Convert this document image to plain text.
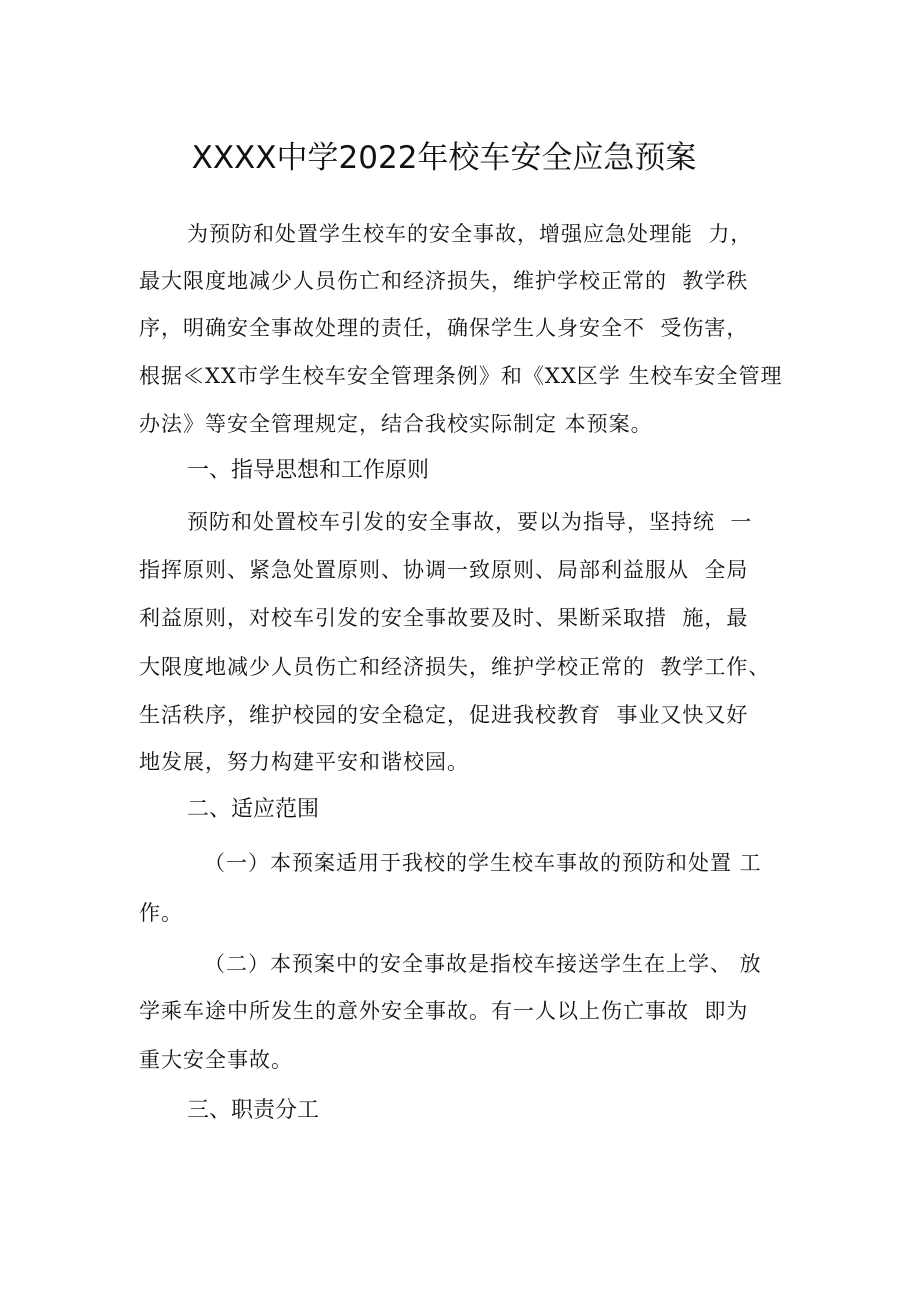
XXXX中学2022年校车安全应急预案
为预防和处置学生校车的安全事故，增强应急处理能  力，
最大限度地减少人员伤亡和经济损失，维护学校正常的  教学秩
序，明确安全事故处理的责任，确保学生人身安全不  受伤害，
根据≪XX市学生校车安全管理条例》和《XX区学 生校车安全管理
办法》等安全管理规定，结合我校实际制定 本预案。
一、指导思想和工作原则
预防和处置校车引发的安全事故，要以为指导，坚持统  一
指挥原则、紧急处置原则、协调一致原则、局部利益服从  全局
利益原则，对校车引发的安全事故要及时、果断采取措  施，最
大限度地减少人员伤亡和经济损失，维护学校正常的  教学工作、
生活秩序，维护校园的安全稳定，促进我校教育  事业又快又好
地发展，努力构建平安和谐校园。
二、适应范围
（一）本预案适用于我校的学生校车事故的预防和处置 工
作。
（二）本预案中的安全事故是指校车接送学生在上学、 放
学乘车途中所发生的意外安全事故。有一人以上伤亡事故  即为
重大安全事故。
三、职责分工
